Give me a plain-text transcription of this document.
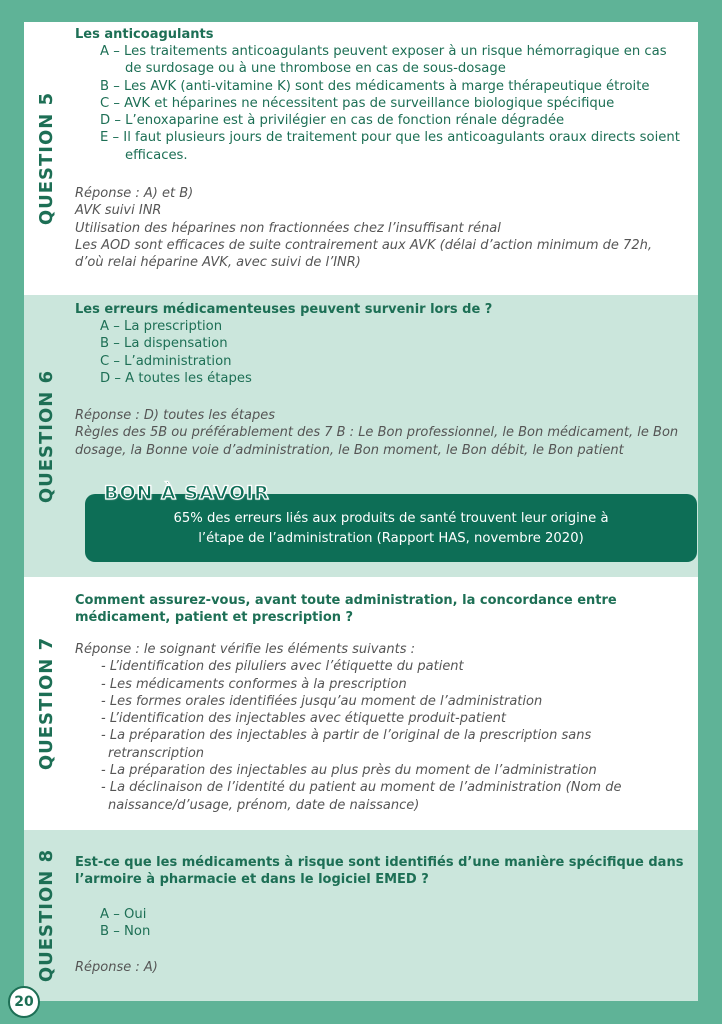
QUESTION 5

Les anticoagulants

A – Les traitements anticoagulants peuvent exposer à un risque hémorragique en cas de surdosage ou à une thrombose en cas de sous-dosage
B – Les AVK (anti-vitamine K) sont des médicaments à marge thérapeutique étroite
C – AVK et héparines ne nécessitent pas de surveillance biologique spécifique
D – L’enoxaparine est à privilégier en cas de fonction rénale dégradée
E – Il faut plusieurs jours de traitement pour que les anticoagulants oraux directs soient efficaces.

Réponse : A) et B)

AVK suivi INR

Utilisation des héparines non fractionnées chez l’insuffisant rénal

Les AOD sont efficaces de suite contrairement aux AVK (délai d’action minimum de 72h, d’où relai héparine AVK, avec suivi de l’INR)

QUESTION 6

Les erreurs médicamenteuses peuvent survenir lors de ?

A – La prescription
B – La dispensation
C – L’administration
D – A toutes les étapes

Réponse : D) toutes les étapes

Règles des 5B ou préférablement des 7 B : Le Bon professionnel, le Bon médicament, le Bon dosage, la Bonne voie d’administration, le Bon moment, le Bon débit, le Bon patient

65% des erreurs liés aux produits de santé trouvent leur origine à
l’étape de l’administration (Rapport HAS, novembre 2020)
BON À SAVOIR
QUESTION 7

Comment assurez-vous, avant toute administration, la concordance entre médicament, patient et prescription ?

Réponse : le soignant vérifie les éléments suivants :

- L’identification des piluliers avec l’étiquette du patient
- Les médicaments conformes à la prescription
- Les formes orales identifiées jusqu’au moment de l’administration
- L’identification des injectables avec étiquette produit-patient
- La préparation des injectables à partir de l’original de la prescription sans retranscription
- La préparation des injectables au plus près du moment de l’administration
- La déclinaison de l’identité du patient au moment de l’administration (Nom de naissance/d’usage, prénom, date de naissance)
QUESTION 8 Est-ce que les médicaments à risque sont identifiés d’une manière spécifique dans l’armoire à pharmacie et dans le logiciel EMED ?

A – Oui
B – Non

Réponse : A)

20
